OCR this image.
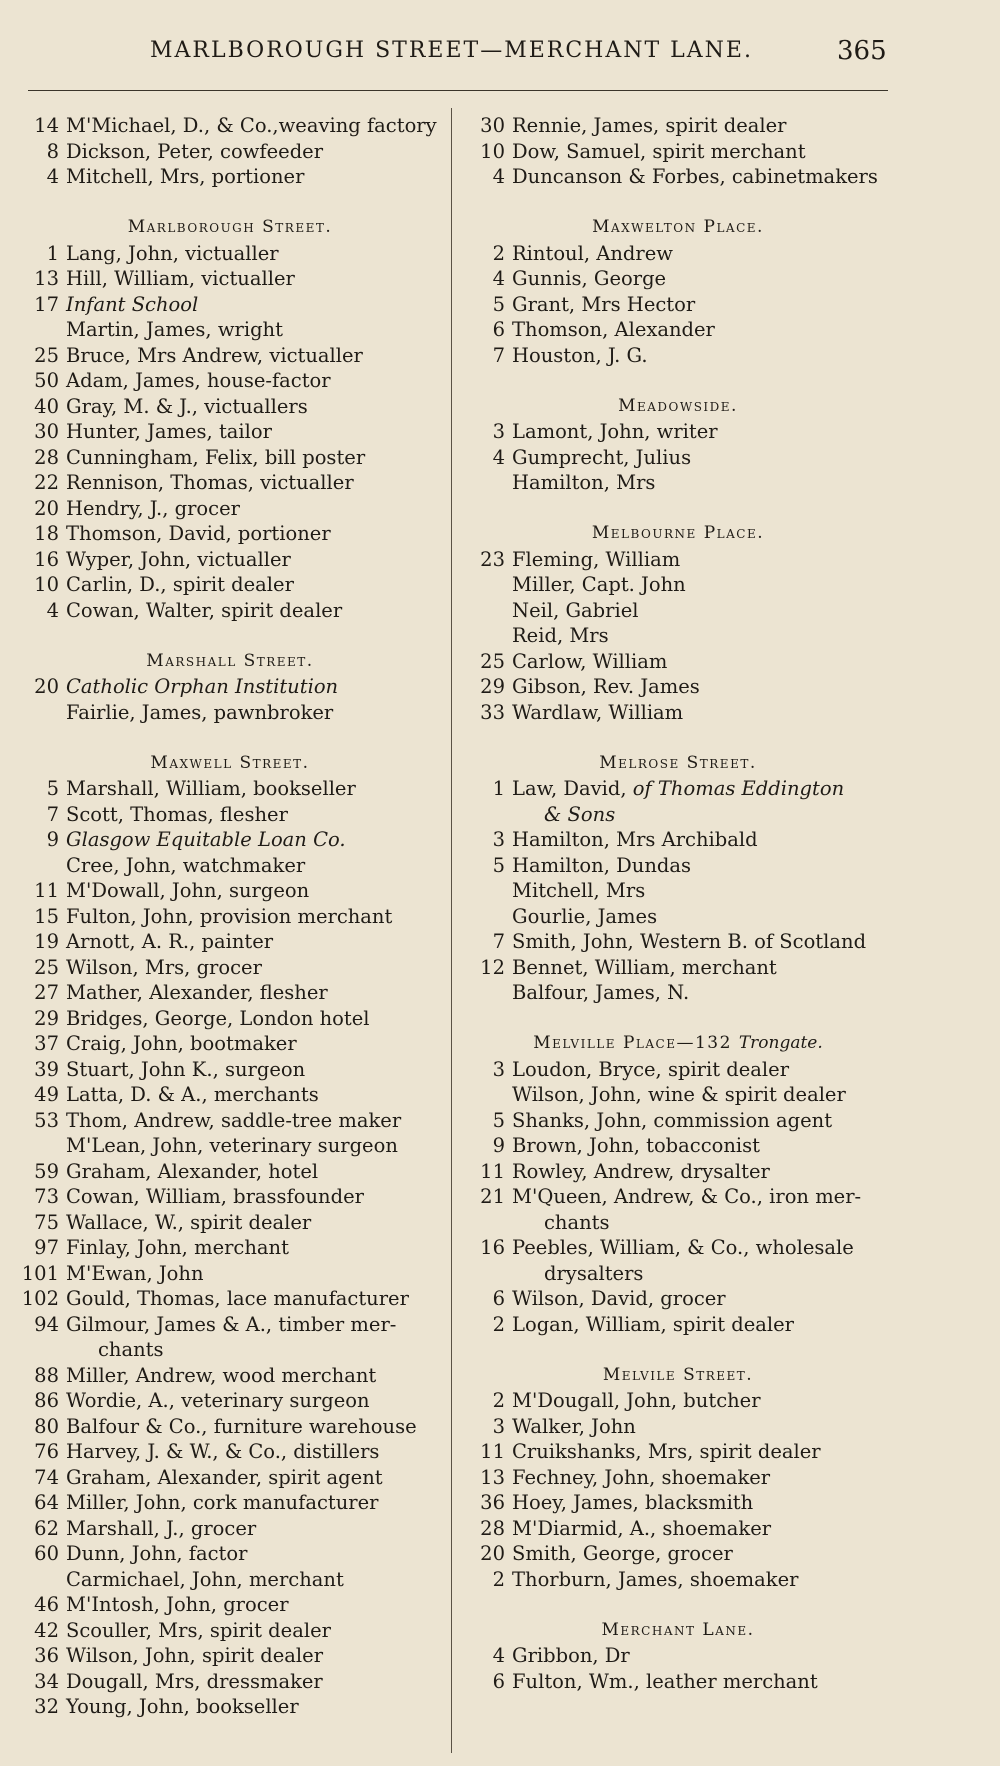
MARLBOROUGH STREET—MERCHANT LANE.	365
14 M'Michael, D., & Co.,weaving factory
8 Dickson, Peter, cowfeeder
4 Mitchell, Mrs, portioner
Marlborough Street.
1 Lang, John, victualler
13 Hill, William, victualler
17 Infant School
Martin, James, wright
25 Bruce, Mrs Andrew, victualler
50 Adam, James, house-factor
40 Gray, M. & J., victuallers
30 Hunter, James, tailor
28 Cunningham, Felix, bill poster
22 Rennison, Thomas, victualler
20 Hendry, J., grocer
18 Thomson, David, portioner
16 Wyper, John, victualler
10 Carlin, D., spirit dealer
4 Cowan, Walter, spirit dealer
Marshall Street.
20 Catholic Orphan Institution
Fairlie, James, pawnbroker
Maxwell Street.
5 Marshall, William, bookseller
7 Scott, Thomas, flesher
9 Glasgow Equitable Loan Co.
Cree, John, watchmaker
11 M'Dowall, John, surgeon
15 Fulton, John, provision merchant
19 Arnott, A. R., painter
25 Wilson, Mrs, grocer
27 Mather, Alexander, flesher
29 Bridges, George, London hotel
37 Craig, John, bootmaker
39 Stuart, John K., surgeon
49 Latta, D. & A., merchants
53 Thom, Andrew, saddle-tree maker
M'Lean, John, veterinary surgeon
59 Graham, Alexander, hotel
73 Cowan, William, brassfounder
75 Wallace, W., spirit dealer
97 Finlay, John, merchant
101 M'Ewan, John
102 Gould, Thomas, lace manufacturer
94 Gilmour, James & A., timber mer-
chants
88 Miller, Andrew, wood merchant
86 Wordie, A., veterinary surgeon
80 Balfour & Co., furniture warehouse
76 Harvey, J. & W., & Co., distillers
74 Graham, Alexander, spirit agent
64 Miller, John, cork manufacturer
62 Marshall, J., grocer
60 Dunn, John, factor
Carmichael, John, merchant
46 M'Intosh, John, grocer
42 Scouller, Mrs, spirit dealer
36 Wilson, John, spirit dealer
34 Dougall, Mrs, dressmaker
32 Young, John, bookseller
30 Rennie, James, spirit dealer
10 Dow, Samuel, spirit merchant
4 Duncanson & Forbes, cabinetmakers
Maxwelton Place.
2 Rintoul, Andrew
4 Gunnis, George
5 Grant, Mrs Hector
6 Thomson, Alexander
7 Houston, J. G.
Meadowside.
3 Lamont, John, writer
4 Gumprecht, Julius
Hamilton, Mrs
Melbourne Place.
23 Fleming, William
Miller, Capt. John
Neil, Gabriel
Reid, Mrs
25 Carlow, William
29 Gibson, Rev. James
33 Wardlaw, William
Melrose Street.
1 Law, David, of Thomas Eddington
& Sons
3 Hamilton, Mrs Archibald
5 Hamilton, Dundas
Mitchell, Mrs
Gourlie, James
7 Smith, John, Western B. of Scotland
12 Bennet, William, merchant
Balfour, James, N.
Melville Place—132 Trongate.
3 Loudon, Bryce, spirit dealer
Wilson, John, wine & spirit dealer
5 Shanks, John, commission agent
9 Brown, John, tobacconist
11 Rowley, Andrew, drysalter
21 M'Queen, Andrew, & Co., iron mer-
chants
16 Peebles, William, & Co., wholesale
drysalters
6 Wilson, David, grocer
2 Logan, William, spirit dealer
Melvile Street.
2 M'Dougall, John, butcher
3 Walker, John
11 Cruikshanks, Mrs, spirit dealer
13 Fechney, John, shoemaker
36 Hoey, James, blacksmith
28 M'Diarmid, A., shoemaker
20 Smith, George, grocer
2 Thorburn, James, shoemaker
Merchant Lane.
4 Gribbon, Dr
6 Fulton, Wm., leather merchant
